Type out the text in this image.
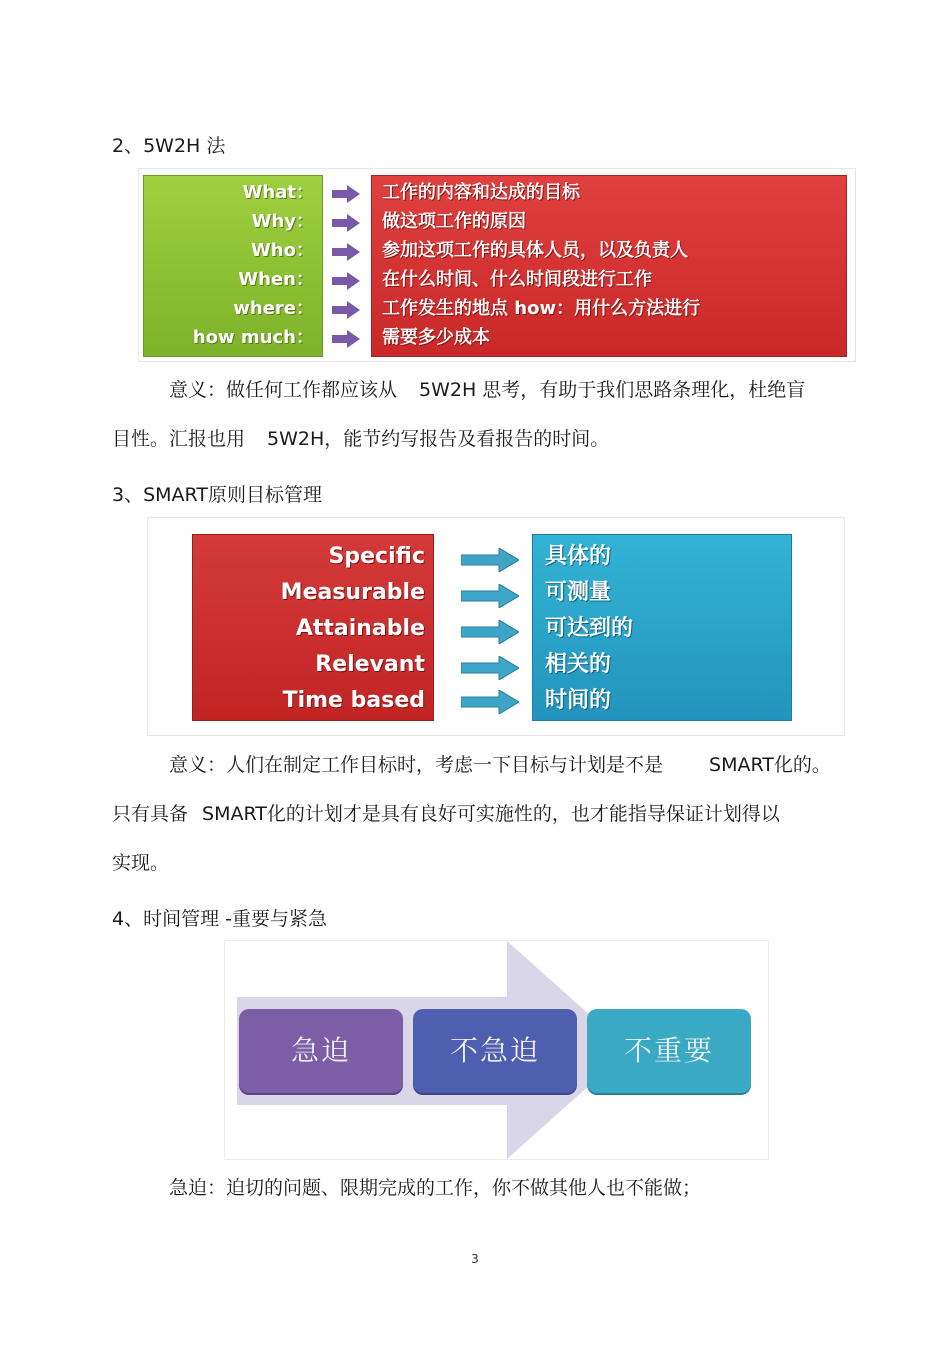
2、5W2H 法
What：
Why：
Who：
When：
where：
how much：
工作的内容和达成的目标
做这项工作的原因
参加这项工作的具体人员，以及负责人
在什么时间、什么时间段进行工作
工作发生的地点 how：用什么方法进行
需要多少成本

意义：做任何工作都应该从 5W2H 思考，有助于我们思路条理化，杜绝盲
目性。汇报也用 5W2H，能节约写报告及看报告的时间。

3、SMART原则目标管理
Specific
Measurable
Attainable
Relevant
Time based
具体的
可测量
可达到的
相关的
时间的

意义：人们在制定工作目标时，考虑一下目标与计划是不是 SMART化的。
只有具备 SMART化的计划才是具有良好可实施性的，也才能指导保证计划得以
实现。

4、时间管理 -重要与紧急
急迫	不急迫	不重要

急迫：迫切的问题、限期完成的工作，你不做其他人也不能做；

3
